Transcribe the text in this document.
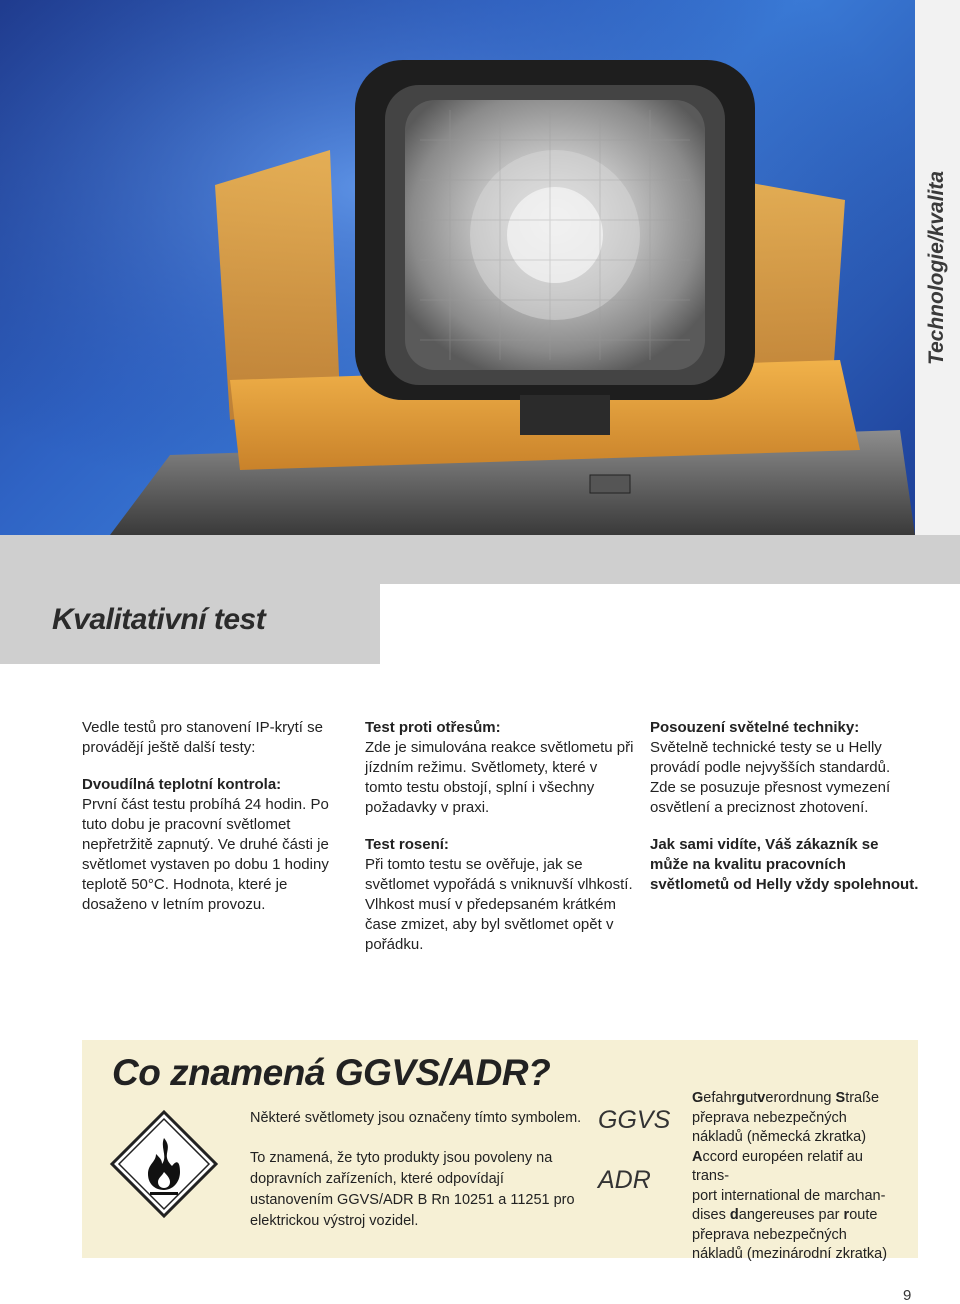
Technologie/kvalita
Kvalitativní test

Vedle testů pro stanovení IP-krytí se provádějí ještě další testy:

Dvoudílná teplotní kontrola:
První část testu probíhá 24 hodin. Po tuto dobu je pracovní světlomet nepřetržitě zapnutý. Ve druhé části je světlomet vystaven po dobu 1 hodiny teplotě 50°C. Hodnota, které je dosaženo v letním provozu.

Test proti otřesům:
Zde je simulována reakce světlometu při jízdním režimu. Světlomety, které v tomto testu obstojí, splní i všechny požadavky v praxi.

Test rosení:
Při tomto testu se ověřuje, jak se světlomet vypořádá s vniknuvší vlhkostí. Vlhkost musí v předepsaném krátkém čase zmizet, aby byl světlomet opět v pořádku.

Posouzení světelné techniky:
Světelně technické testy se u Helly provádí podle nejvyšších standardů. Zde se posuzuje přesnost vymezení osvětlení a preciznost zhotovení.

Jak sami vidíte, Váš zákazník se může na kvalitu pracovních světlometů od Helly vždy spolehnout.

Co znamená GGVS/ADR?
Některé světlomety jsou označeny tímto symbolem.
To znamená, že tyto produkty jsou povoleny na dopravních zařízeních, které odpovídají ustanovením GGVS/ADR B Rn 10251 a 11251 pro elektrickou výstroj vozidel.
GGVS
ADR

Gefahrgutverordnung Straße

přeprava nebezpečných

nákladů (německá zkratka)

Accord européen relatif au trans-

port international de marchan-

dises dangereuses par route

přeprava nebezpečných

nákladů (mezinárodní zkratka)

9
